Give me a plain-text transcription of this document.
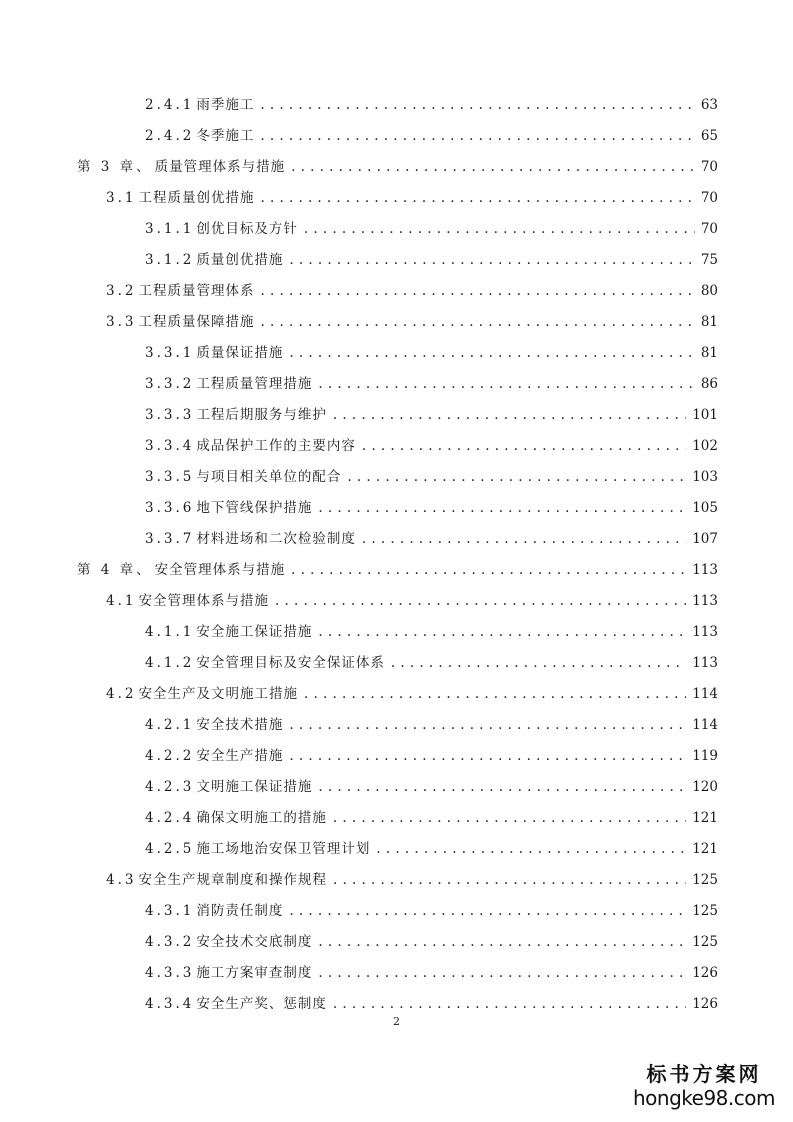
2.4.1 雨季施工 .....	63
2.4.2 冬季施工 .....	65
第 3 章、 质量管理体系与措施 .....	70
3.1 工程质量创优措施 .....	70
3.1.1 创优目标及方针 .....	70
3.1.2 质量创优措施 .....	75
3.2 工程质量管理体系 .....	80
3.3 工程质量保障措施 .....	81
3.3.1 质量保证措施 .....	81
3.3.2 工程质量管理措施 .....	86
3.3.3 工程后期服务与维护 .....	101
3.3.4 成品保护工作的主要内容 .....	102
3.3.5 与项目相关单位的配合 .....	103
3.3.6 地下管线保护措施 .....	105
3.3.7 材料进场和二次检验制度 .....	107
第 4 章、 安全管理体系与措施 .....	113
4.1 安全管理体系与措施 .....	113
4.1.1 安全施工保证措施 .....	113
4.1.2 安全管理目标及安全保证体系 .....	113
4.2 安全生产及文明施工措施 .....	114
4.2.1 安全技术措施 .....	114
4.2.2 安全生产措施 .....	119
4.2.3 文明施工保证措施 .....	120
4.2.4 确保文明施工的措施 .....	121
4.2.5 施工场地治安保卫管理计划 .....	121
4.3 安全生产规章制度和操作规程 .....	125
4.3.1 消防责任制度 .....	125
4.3.2 安全技术交底制度 .....	125
4.3.3 施工方案审查制度 .....	126
4.3.4 安全生产奖、惩制度 .....	126
2
标书方案网
hongke98.com
